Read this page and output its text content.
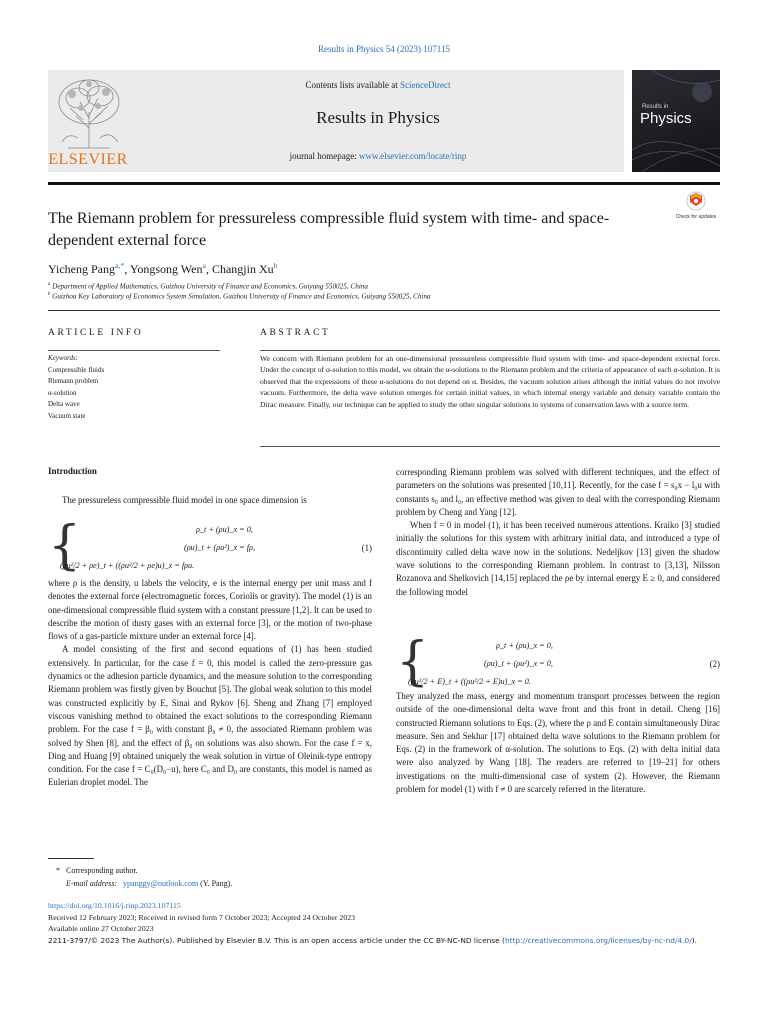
Results in Physics 54 (2023) 107115
ELSEVIER
Contents lists available at ScienceDirect
Results in Physics
journal homepage: www.elsevier.com/locate/rinp
Results in
Physics
The Riemann problem for pressureless compressible fluid system with time- and space-dependent external force
Check for updates
Yicheng Pang$^{a,*}$, Yongsong Wen$^a$, Changjin Xu$^b$
$^a$ Department of Applied Mathematics, Guizhou University of Finance and Economics, Guiyang 550025, China
$^b$ Guizhou Key Laboratory of Economics System Simulation, Guizhou University of Finance and Economics, Guiyang 550025, China
ARTICLE INFO	ABSTRACT
Keywords:
Compressible fluids
Riemann problem
α-solution
Delta wave
Vacuum state
We concern with Riemann problem for an one-dimensional pressureless compressible fluid system with time- and space-dependent external force. Under the concept of α-solution to this model, we obtain the α-solutions to the Riemann problem and the criteria of appearance of each α-solution. It is observed that the expressions of these α-solutions do not depend on α. Besides, the vacuum solution arises although the initial values do not involve vacuum. Furthermore, the delta wave solution emerges for certain initial values, in which internal energy variable and density variable contain the Dirac measure. Finally, our technique can be applied to study the other singular solutions to systems of conservation laws with a source term.
Introduction

The pressureless compressible fluid model in one space dimension is

{	ρ_t + (ρu)_x = 0,
(ρu)_t + (ρu²)_x = fρ,
(ρu²/2 + ρe)_t + ((ρu²/2 + ρe)u)_x = fρu.
(1)

where ρ is the density, u labels the velocity, e is the internal energy per unit mass and f denotes the external force (electromagnetic forces, Coriolis or gravity). The model (1) is an one-dimensional compressible fluid system with a constant pressure [1,2]. It can be used to describe the motion of dusty gases with an external force [3], or the motion of two-phase flows of a gas-particle mixture under an external force [4].

A model consisting of the first and second equations of (1) has been studied extensively. In particular, for the case f = 0, this model is called the zero-pressure gas dynamics or the adhesion particle dynamics, and the measure solution to the corresponding Riemann problem was firstly given by Bouchut [5]. The global weak solution to this model was constructed explicitly by E, Sinai and Rykov [6]. Sheng and Zhang [7] employed viscous vanishing method to obtained the exact solutions to the corresponding Riemann problem. For the case f = β₀ with constant β₀ ≠ 0, the associated Riemann problem was solved by Shen [8], and the effect of β₀ on solutions was also shown. For the case f = x, Ding and Huang [9] obtained uniquely the weak solution in virtue of Oleinik-type entropy condition. For the case f = C₀(D₀−u), here C₀ and D₀ are constants, this model is named as Eulerian droplet model. The

corresponding Riemann problem was solved with different techniques, and the effect of parameters on the solutions was presented [10,11]. Recently, for the case f = s₀x − l₀u with constants s₀ and l₀, an effective method was given to deal with the corresponding Riemann problem by Cheng and Yang [12].

When f = 0 in model (1), it has been received numerous attentions. Kraiko [3] studied initially the solutions for this system with arbitrary initial data, and introduced a type of discontinuity called delta wave now in the solutions. Nedeljkov [13] given the shadow wave solutions to the corresponding Riemann problem. In contrast to [3,13], Nilsson Rozanova and Shelkovich [14,15] replaced the ρe by internal energy E ≥ 0, and considered the following model

{	ρ_t + (ρu)_x = 0,
(ρu)_t + (ρu²)_x = 0,
(ρu²/2 + E)_t + ((ρu²/2 + E)u)_x = 0.
(2)

They analyzed the mass, energy and momentum transport processes between the region outside of the one-dimensional delta wave front and this front in detail. Cheng [16] constructed Riemann solutions to Eqs. (2), where the ρ and E contain simultaneously Dirac measure. Sen and Sekhar [17] obtained delta wave solutions to the Riemann problem for Eqs. (2) in the framework of α-solution. The solutions to Eqs. (2) with delta initial data were also analyzed by Wang [18]. The readers are referred to [19–21] for others investigations on the multi-dimensional case of system (2). However, the Riemann problem for model (1) with f ≠ 0 are scarcely referred in the literature.

* Corresponding author.
E-mail address: ypanggy@outlook.com (Y. Pang).
https://doi.org/10.1016/j.rinp.2023.107115
Received 12 February 2023; Received in revised form 7 October 2023; Accepted 24 October 2023
Available online 27 October 2023
2211-3797/© 2023 The Author(s). Published by Elsevier B.V. This is an open access article under the CC BY-NC-ND license (http://creativecommons.org/licenses/by-nc-nd/4.0/).
